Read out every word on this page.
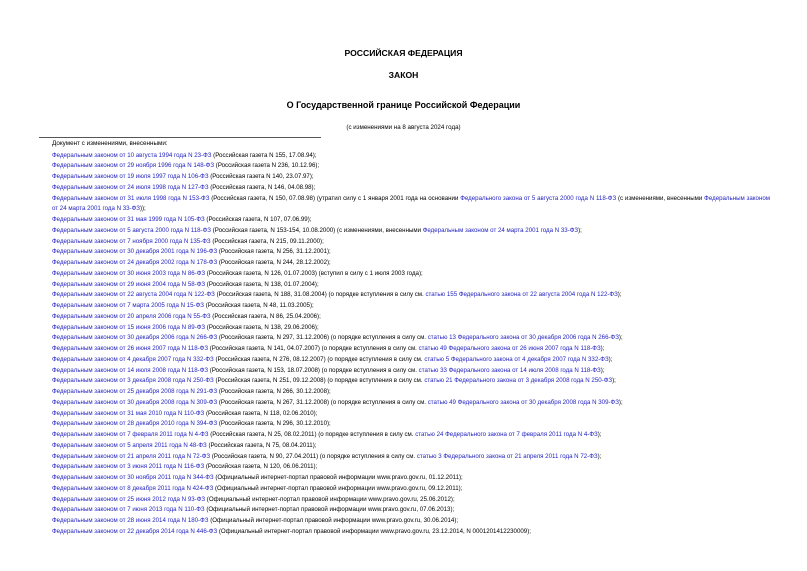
РОССИЙСКАЯ ФЕДЕРАЦИЯ
ЗАКОН
О Государственной границе Российской Федерации
(с изменениями на 8 августа 2024 года)
Документ с изменениями, внесенными:
Федеральным законом от 10 августа 1994 года N 23-ФЗ (Российская газета N 155, 17.08.94);
Федеральным законом от 29 ноября 1996 года N 148-ФЗ (Российская газета N 236, 10.12.96);
Федеральным законом от 19 июля 1997 года N 106-ФЗ (Российская газета N 140, 23.07.97);
Федеральным законом от 24 июля 1998 года N 127-ФЗ (Российская газета, N 146, 04.08.98);
Федеральным законом от 31 июля 1998 года N 153-ФЗ (Российская газета, N 150, 07.08.98) (утратил силу с 1 января 2001 года на основании Федерального закона от 5 августа 2000 года N 118-ФЗ (с изменениями, внесенными Федеральным законом от 24 марта 2001 года N 33-ФЗ));
Федеральным законом от 31 мая 1999 года N 105-ФЗ (Российская газета, N 107, 07.06.99);
Федеральным законом от 5 августа 2000 года N 118-ФЗ (Российская газета, N 153-154, 10.08.2000) (с изменениями, внесенными Федеральным законом от 24 марта 2001 года N 33-ФЗ);
Федеральным законом от 7 ноября 2000 года N 135-ФЗ (Российская газета, N 215, 09.11.2000);
Федеральным законом от 30 декабря 2001 года N 196-ФЗ (Российская газета, N 256, 31.12.2001);
Федеральным законом от 24 декабря 2002 года N 178-ФЗ (Российская газета, N 244, 28.12.2002);
Федеральным законом от 30 июня 2003 года N 86-ФЗ (Российская газета, N 126, 01.07.2003) (вступил в силу с 1 июля 2003 года);
Федеральным законом от 29 июня 2004 года N 58-ФЗ (Российская газета, N 138, 01.07.2004);
Федеральным законом от 22 августа 2004 года N 122-ФЗ (Российская газета, N 188, 31.08.2004) (о порядке вступления в силу см. статью 155 Федерального закона от 22 августа 2004 года N 122-ФЗ);
Федеральным законом от 7 марта 2005 года N 15-ФЗ (Российская газета, N 48, 11.03.2005);
Федеральным законом от 20 апреля 2006 года N 55-ФЗ (Российская газета, N 86, 25.04.2006);
Федеральным законом от 15 июня 2006 года N 89-ФЗ (Российская газета, N 138, 29.06.2006);
Федеральным законом от 30 декабря 2006 года N 266-ФЗ (Российская газета, N 297, 31.12.2006) (о порядке вступления в силу см. статью 13 Федерального закона от 30 декабря 2006 года N 266-ФЗ);
Федеральным законом от 26 июня 2007 года N 118-ФЗ (Российская газета, N 141, 04.07.2007) (о порядке вступления в силу см. статью 49 Федерального закона от 26 июня 2007 года N 118-ФЗ);
Федеральным законом от 4 декабря 2007 года N 332-ФЗ (Российская газета, N 276, 08.12.2007) (о порядке вступления в силу см. статью 5 Федерального закона от 4 декабря 2007 года N 332-ФЗ);
Федеральным законом от 14 июля 2008 года N 118-ФЗ (Российская газета, N 153, 18.07.2008) (о порядке вступления в силу см. статью 33 Федерального закона от 14 июля 2008 года N 118-ФЗ);
Федеральным законом от 3 декабря 2008 года N 250-ФЗ (Российская газета, N 251, 09.12.2008) (о порядке вступления в силу см. статью 21 Федерального закона от 3 декабря 2008 года N 250-ФЗ);
Федеральным законом от 25 декабря 2008 года N 291-ФЗ (Российская газета, N 266, 30.12.2008);
Федеральным законом от 30 декабря 2008 года N 309-ФЗ (Российская газета, N 267, 31.12.2008) (о порядке вступления в силу см. статью 49 Федерального закона от 30 декабря 2008 года N 309-ФЗ);
Федеральным законом от 31 мая 2010 года N 110-ФЗ (Российская газета, N 118, 02.06.2010);
Федеральным законом от 28 декабря 2010 года N 394-ФЗ (Российская газета, N 296, 30.12.2010);
Федеральным законом от 7 февраля 2011 года N 4-ФЗ (Российская газета, N 25, 08.02.2011) (о порядке вступления в силу см. статью 24 Федерального закона от 7 февраля 2011 года N 4-ФЗ);
Федеральным законом от 5 апреля 2011 года N 48-ФЗ (Российская газета, N 75, 08.04.2011);
Федеральным законом от 21 апреля 2011 года N 72-ФЗ (Российская газета, N 90, 27.04.2011) (о порядке вступления в силу см. статью 3 Федерального закона от 21 апреля 2011 года N 72-ФЗ);
Федеральным законом от 3 июня 2011 года N 116-ФЗ (Российская газета, N 120, 06.06.2011);
Федеральным законом от 30 ноября 2011 года N 344-ФЗ (Официальный интернет-портал правовой информации www.pravo.gov.ru, 01.12.2011);
Федеральным законом от 8 декабря 2011 года N 424-ФЗ (Официальный интернет-портал правовой информации www.pravo.gov.ru, 09.12.2011);
Федеральным законом от 25 июня 2012 года N 93-ФЗ (Официальный интернет-портал правовой информации www.pravo.gov.ru, 25.06.2012);
Федеральным законом от 7 июня 2013 года N 110-ФЗ (Официальный интернет-портал правовой информации www.pravo.gov.ru, 07.06.2013);
Федеральным законом от 28 июня 2014 года N 180-ФЗ (Официальный интернет-портал правовой информации www.pravo.gov.ru, 30.06.2014);
Федеральным законом от 22 декабря 2014 года N 446-ФЗ (Официальный интернет-портал правовой информации www.pravo.gov.ru, 23.12.2014, N 0001201412230009);
